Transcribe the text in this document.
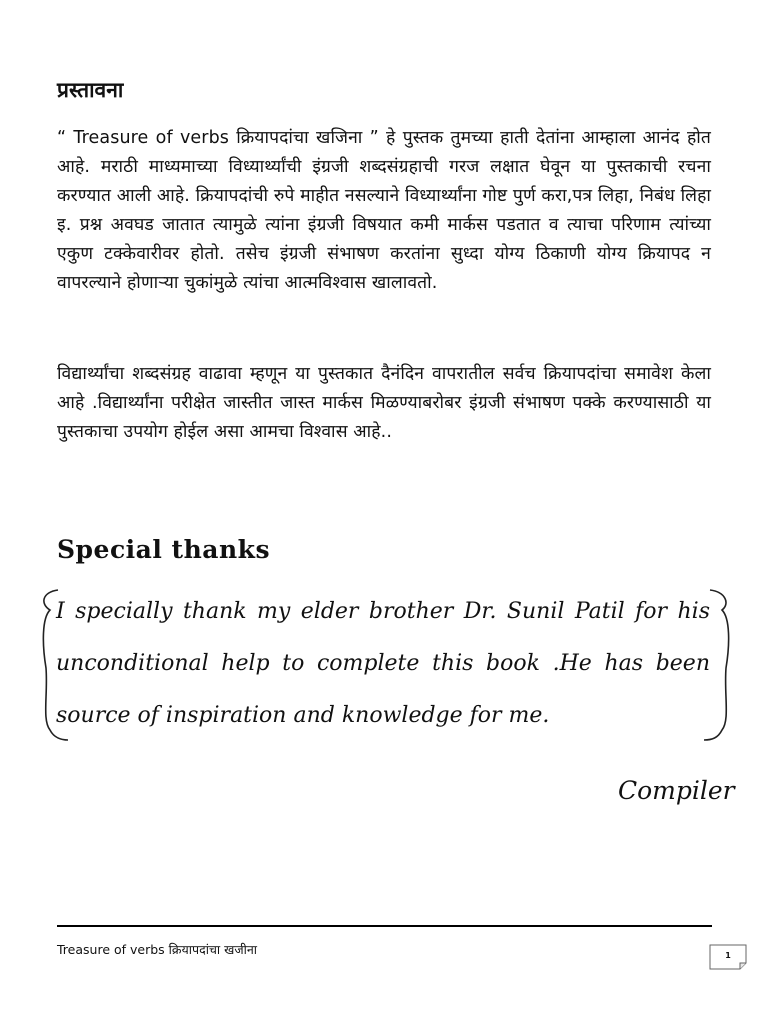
प्रस्तावना

“ Treasure of verbs क्रियापदांचा खजिना ” हे पुस्तक तुमच्या हाती देतांना आम्हाला आनंद होत आहे. मराठी माध्यमाच्या विध्यार्थ्यांची इंग्रजी शब्दसंग्रहाची गरज लक्षात घेवून या पुस्तकाची रचना करण्यात आली आहे. क्रियापदांची रुपे माहीत नसल्याने विध्यार्थ्यांना गोष्ट पुर्ण करा,पत्र लिहा, निबंध लिहा इ. प्रश्न अवघड जातात त्यामुळे त्यांना इंग्रजी विषयात कमी मार्कस पडतात व त्याचा परिणाम त्यांच्या एकुण टक्केवारीवर होतो. तसेच इंग्रजी संभाषण करतांना सुध्दा योग्य ठिकाणी योग्य क्रियापद न वापरल्याने होणाऱ्या चुकांमुळे त्यांचा आत्मविश्वास खालावतो.

विद्यार्थ्यांचा शब्दसंग्रह वाढावा म्हणून या पुस्तकात दैनंदिन वापरातील सर्वच क्रियापदांचा समावेश केला आहे .विद्यार्थ्यांना परीक्षेत जास्तीत जास्त मार्कस मिळण्याबरोबर इंग्रजी संभाषण पक्के करण्यासाठी या पुस्तकाचा उपयोग होईल असा आमचा विश्वास आहे..

Special thanks

I specially thank my elder brother Dr. Sunil Patil for his unconditional help to complete this book .He has been source of inspiration and knowledge for me.

Compiler

Treasure of verbs क्रियापदांचा खजीना	1
